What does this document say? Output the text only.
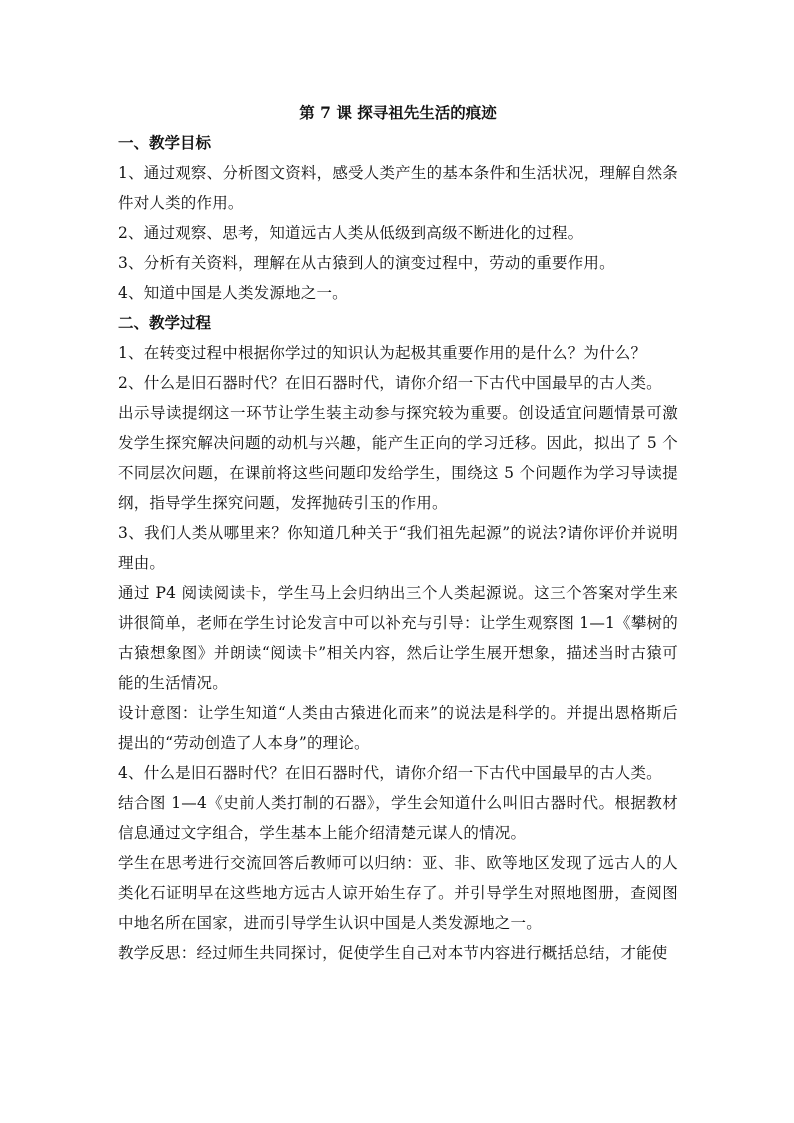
第 7 课 探寻祖先生活的痕迹

一、教学目标

1、通过观察、分析图文资料，感受人类产生的基本条件和生活状况，理解自然条件对人类的作用。

2、通过观察、思考，知道远古人类从低级到高级不断进化的过程。

3、分析有关资料，理解在从古猿到人的演变过程中，劳动的重要作用。

4、知道中国是人类发源地之一。

二、教学过程

1、在转变过程中根据你学过的知识认为起极其重要作用的是什么？为什么？

2、什么是旧石器时代？在旧石器时代，请你介绍一下古代中国最早的古人类。

出示导读提纲这一环节让学生装主动参与探究较为重要。创设适宜问题情景可激发学生探究解决问题的动机与兴趣，能产生正向的学习迁移。因此，拟出了 5 个不同层次问题，在课前将这些问题印发给学生，围绕这 5 个问题作为学习导读提纲，指导学生探究问题，发挥抛砖引玉的作用。

3、我们人类从哪里来？你知道几种关于“我们祖先起源”的说法?请你评价并说明理由。

通过 P4 阅读阅读卡，学生马上会归纳出三个人类起源说。这三个答案对学生来讲很简单，老师在学生讨论发言中可以补充与引导：让学生观察图 1—1《攀树的古猿想象图》并朗读“阅读卡”相关内容，然后让学生展开想象，描述当时古猿可能的生活情况。

设计意图：让学生知道“人类由古猿进化而来”的说法是科学的。并提出恩格斯后提出的“劳动创造了人本身”的理论。

4、什么是旧石器时代？在旧石器时代，请你介绍一下古代中国最早的古人类。

结合图 1—4《史前人类打制的石器》，学生会知道什么叫旧古器时代。根据教材信息通过文字组合，学生基本上能介绍清楚元谋人的情况。

学生在思考进行交流回答后教师可以归纳：亚、非、欧等地区发现了远古人的人类化石证明早在这些地方远古人谅开始生存了。并引导学生对照地图册，查阅图中地名所在国家，进而引导学生认识中国是人类发源地之一。

教学反思：经过师生共同探讨，促使学生自己对本节内容进行概括总结，才能使
